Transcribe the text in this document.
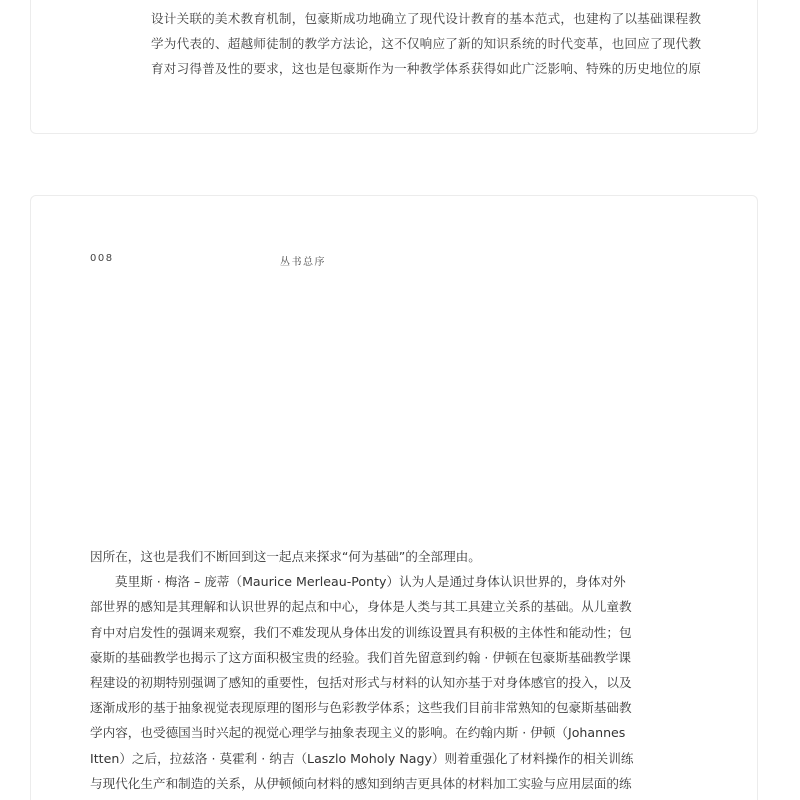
设计关联的美术教育机制，包豪斯成功地确立了现代设计教育的基本范式，也建构了以基础课程教

学为代表的、超越师徒制的教学方法论，这不仅响应了新的知识系统的时代变革，也回应了现代教

育对习得普及性的要求，这也是包豪斯作为一种教学体系获得如此广泛影响、特殊的历史地位的原

008	丛书总序

因所在，这也是我们不断回到这一起点来探求“何为基础”的全部理由。

莫里斯 · 梅洛 – 庞蒂（Maurice Merleau-Ponty）认为人是通过身体认识世界的，身体对外

部世界的感知是其理解和认识世界的起点和中心，身体是人类与其工具建立关系的基础。从儿童教

育中对启发性的强调来观察，我们不难发现从身体出发的训练设置具有积极的主体性和能动性；包

豪斯的基础教学也揭示了这方面积极宝贵的经验。我们首先留意到约翰 · 伊顿在包豪斯基础教学课

程建设的初期特别强调了感知的重要性，包括对形式与材料的认知亦基于对身体感官的投入，以及

逐渐成形的基于抽象视觉表现原理的图形与色彩教学体系；这些我们目前非常熟知的包豪斯基础教

学内容，也受德国当时兴起的视觉心理学与抽象表现主义的影响。在约翰内斯 · 伊顿（Johannes

Itten）之后，拉兹洛 · 莫霍利 · 纳吉（Laszlo Moholy Nagy）则着重强化了材料操作的相关训练

与现代化生产和制造的关系，从伊顿倾向材料的感知到纳吉更具体的材料加工实验与应用层面的练
